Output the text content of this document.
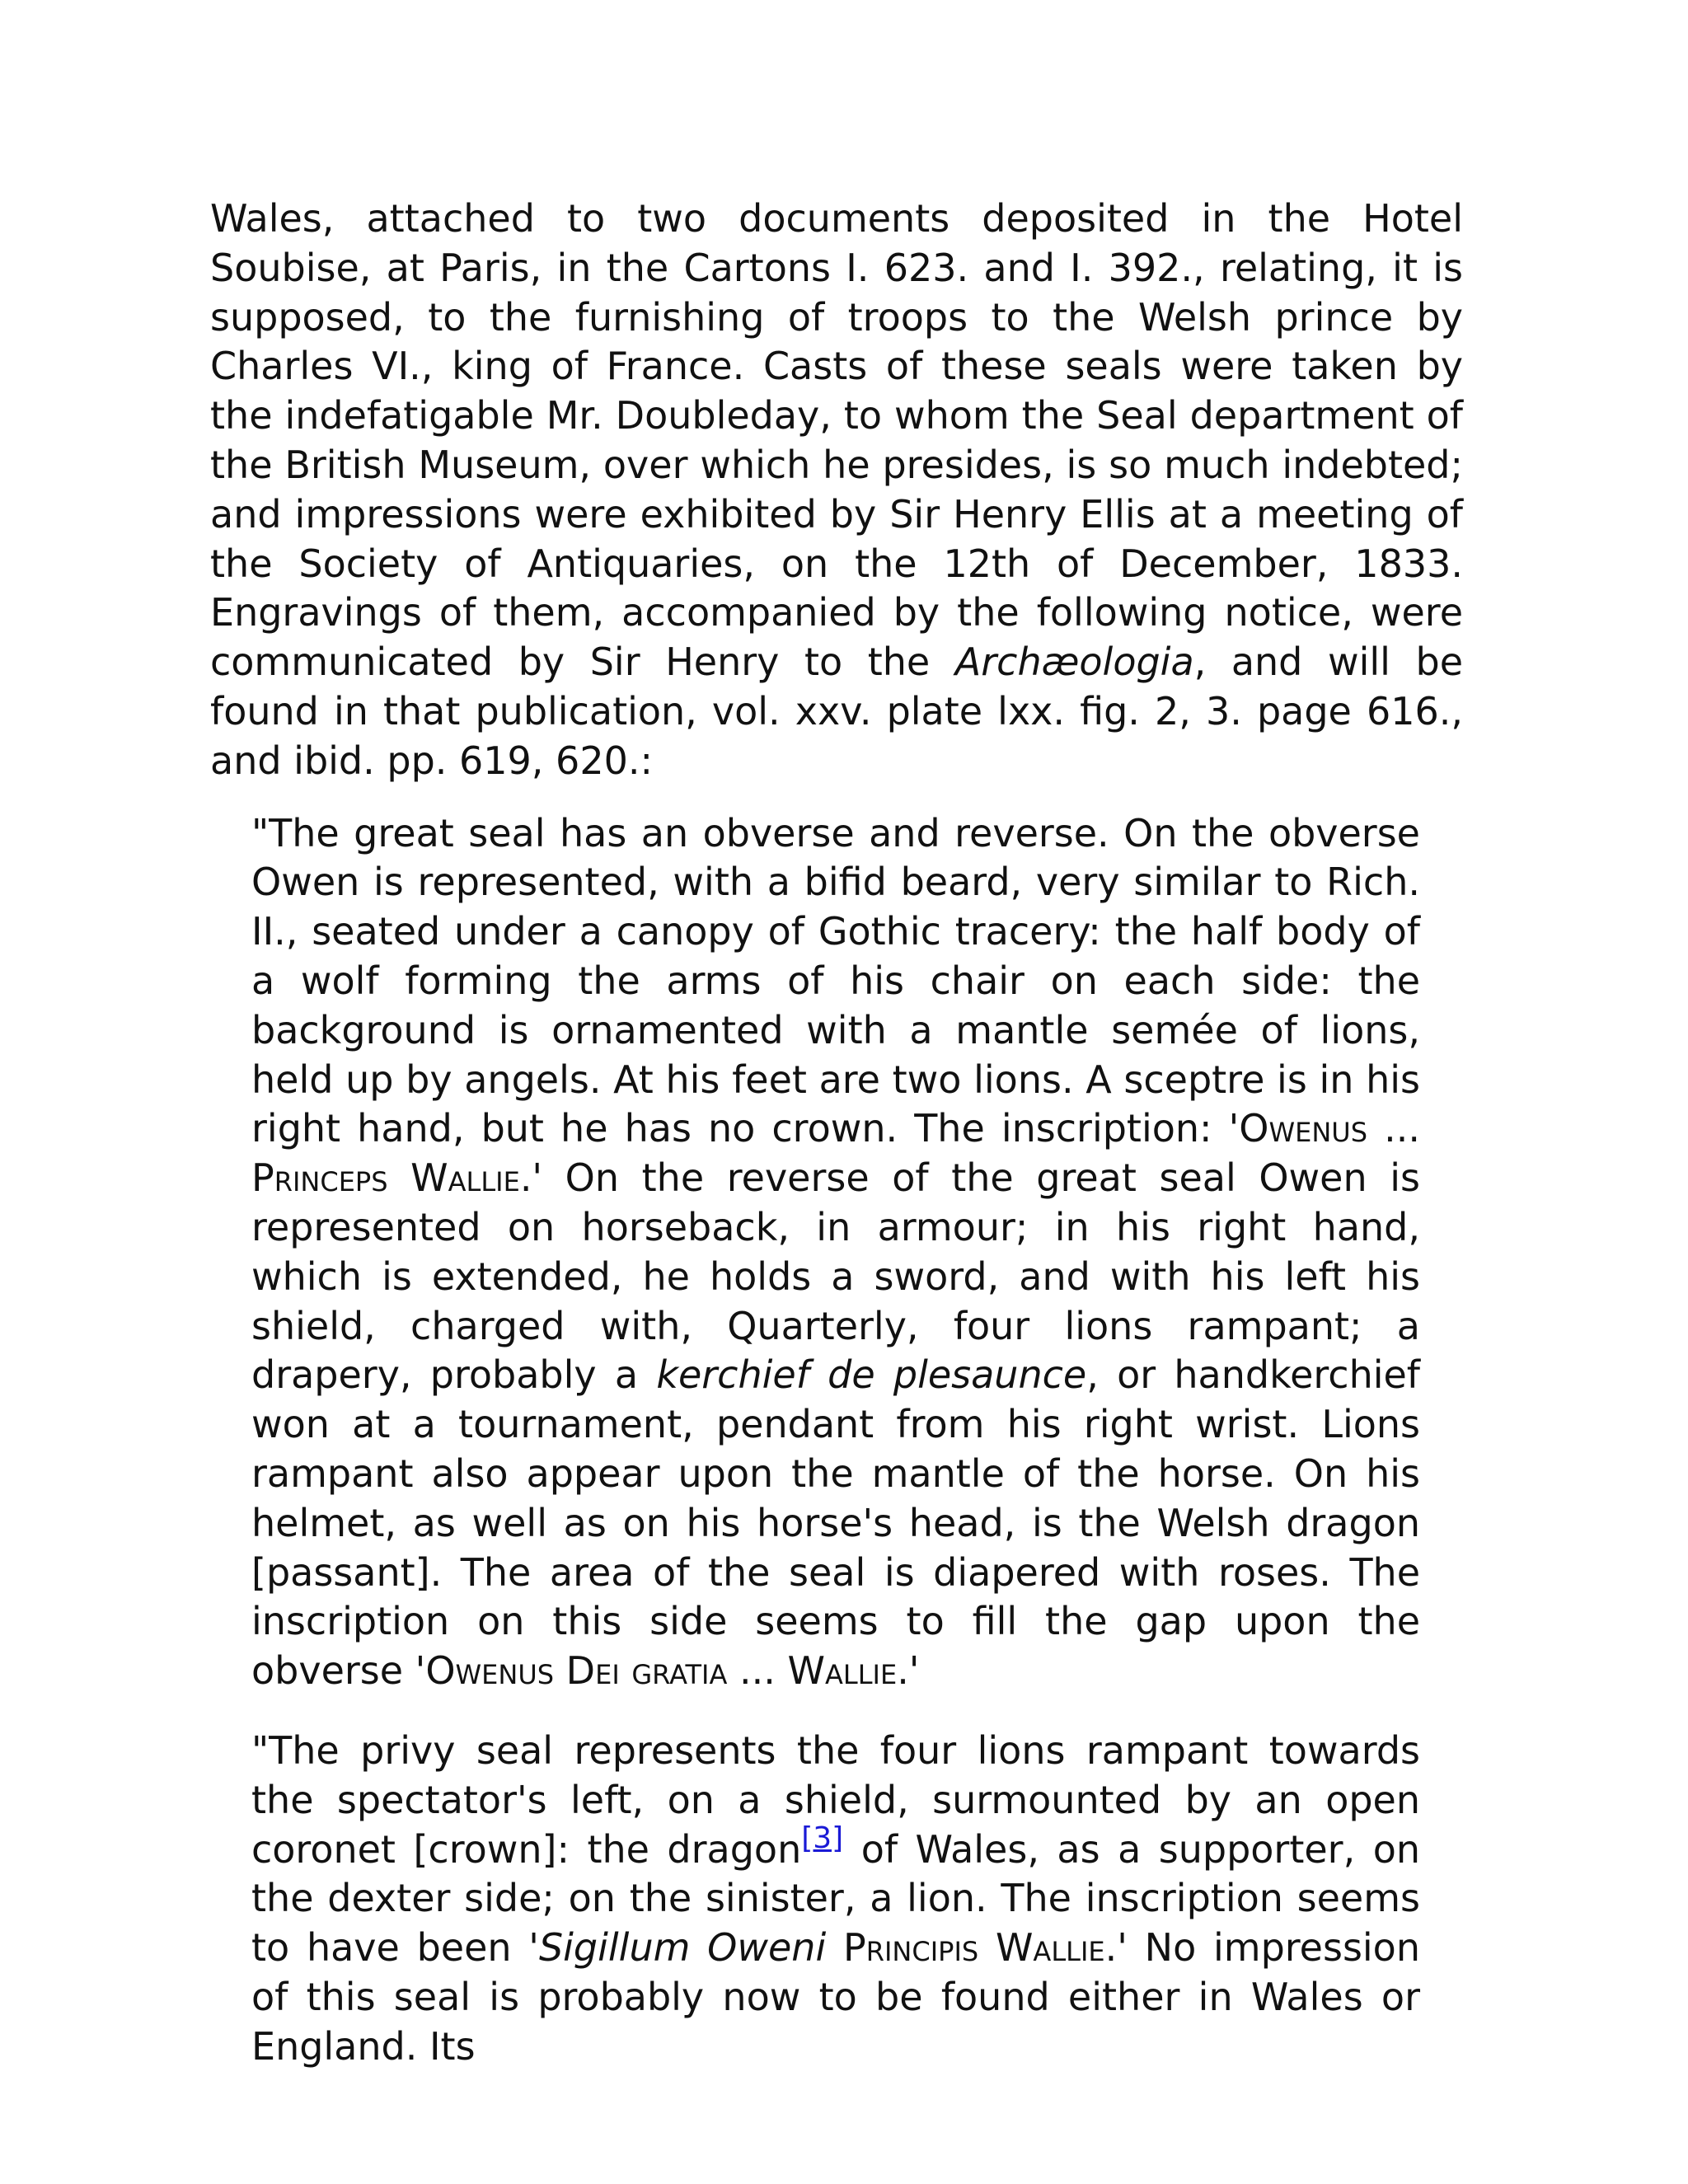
Wales, attached to two documents deposited in the Hotel Soubise, at Paris, in the Cartons I. 623. and I. 392., relating, it is supposed, to the furnishing of troops to the Welsh prince by Charles VI., king of France. Casts of these seals were taken by the indefatigable Mr. Doubleday, to whom the Seal department of the British Museum, over which he presides, is so much indebted; and impressions were exhibited by Sir Henry Ellis at a meeting of the Society of Antiquaries, on the 12th of December, 1833. Engravings of them, accompanied by the following notice, were communicated by Sir Henry to the Archæologia, and will be found in that publication, vol. xxv. plate lxx. fig. 2, 3. page 616., and ibid. pp. 619, 620.:

"The great seal has an obverse and reverse. On the obverse Owen is represented, with a bifid beard, very similar to Rich. II., seated under a canopy of Gothic tracery: the half body of a wolf forming the arms of his chair on each side: the background is ornamented with a mantle semée of lions, held up by angels. At his feet are two lions. A sceptre is in his right hand, but he has no crown. The inscription: 'Owenus ... Princeps Wallie.' On the reverse of the great seal Owen is represented on horseback, in armour; in his right hand, which is extended, he holds a sword, and with his left his shield, charged with, Quarterly, four lions rampant; a drapery, probably a kerchief de plesaunce, or handkerchief won at a tournament, pendant from his right wrist. Lions rampant also appear upon the mantle of the horse. On his helmet, as well as on his horse's head, is the Welsh dragon [passant]. The area of the seal is diapered with roses. The inscription on this side seems to fill the gap upon the obverse 'Owenus Dei gratia ... Wallie.'

"The privy seal represents the four lions rampant towards the spectator's left, on a shield, surmounted by an open coronet [crown]: the dragon[3] of Wales, as a supporter, on the dexter side; on the sinister, a lion. The inscription seems to have been 'Sigillum Oweni Principis Wallie.' No impression of this seal is probably now to be found either in Wales or England. Its
